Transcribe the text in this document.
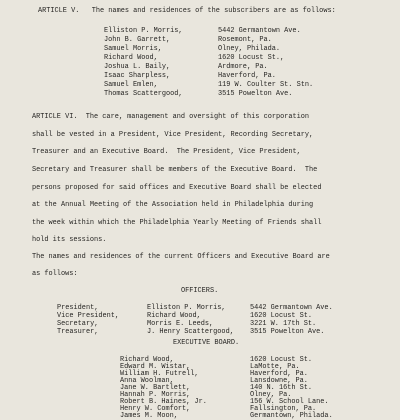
ARTICLE V.   The names and residences of the subscribers are as follows:

Elliston P. Morris,	5442 Germantown Ave.

John B. Garrett,	Rosemont, Pa.

Samuel Morris,	Olney, Philada.

Richard Wood,	1620 Locust St.,

Joshua L. Baily,	Ardmore, Pa.

Isaac Sharpless,	Haverford, Pa.

Samuel Emlen,	119 W. Coulter St. Stn.

Thomas Scattergood,	3515 Powelton Ave.

ARTICLE VI.  The care, management and oversight of this corporation

shall be vested in a President, Vice President, Recording Secretary,

Treasurer and an Executive Board.  The President, Vice President,

Secretary and Treasurer shall be members of the Executive Board.  The

persons proposed for said offices and Executive Board shall be elected

at the Annual Meeting of the Association held in Philadelphia during

the week within which the Philadelphia Yearly Meeting of Friends shall

hold its sessions.

The names and residences of the current Officers and Executive Board are

as follows:

OFFICERS.

President,	Elliston P. Morris,	5442 Germantown Ave.

Vice President,	Richard Wood,	1620 Locust St.

Secretary,	Morris E. Leeds,	3221 W. 17th St.

Treasurer,	J. Henry Scattergood, 3515 Powelton Ave.

EXECUTIVE BOARD.

Richard Wood,	1620 Locust St.

Edward M. Wistar,	LaMotte, Pa.

William H. Futrell,	Haverford, Pa.

Anna Woolman,	Lansdowne, Pa.

Jane W. Bartlett,	140 N. 16th St.

Hannah P. Morris,	Olney, Pa.

Robert B. Haines, Jr.	156 W. School Lane.

Henry W. Comfort,	Fallsington, Pa.

James M. Moon,	Germantown, Philada.
